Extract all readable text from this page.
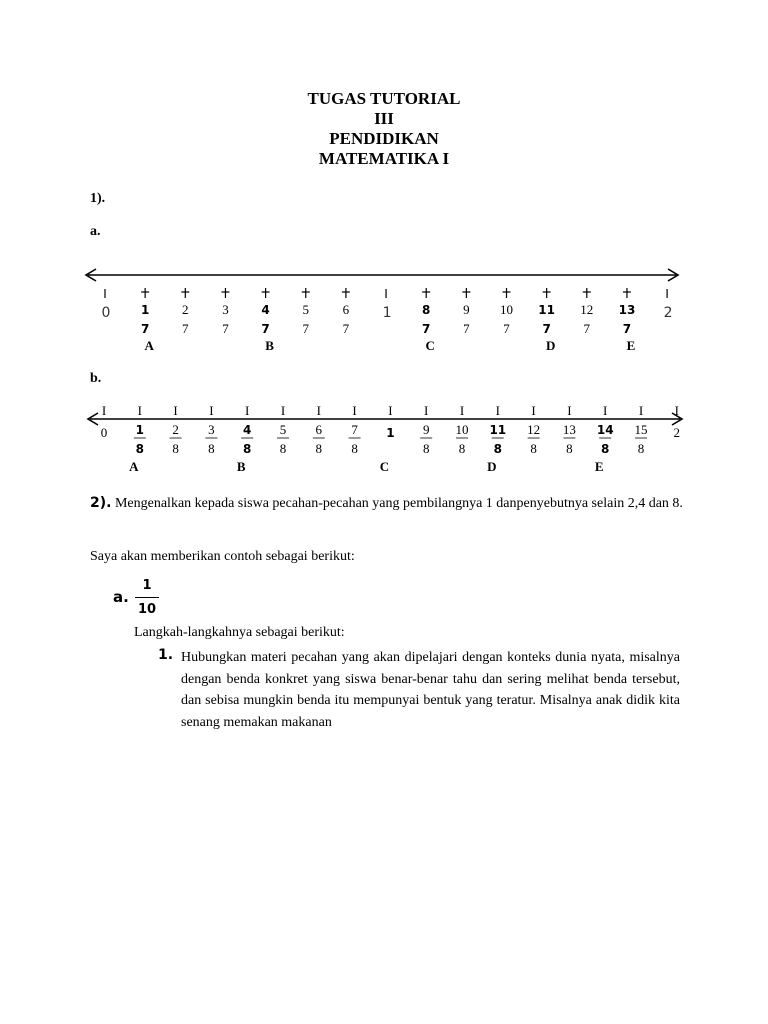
TUGAS TUTORIAL
III
PENDIDIKAN
MATEMATIKA I
1).
a.
0	1
7
A
2
7
3
7
4
7
B
5
7
6
7
1	8
7
C
9
7
10
7
11
7
D
12
7
13
7
E
2
b.
I
0
I
1
8
A
I
2
8
I
3
8
I
4
8
B
I
5
8
I
6
8
I
7
8
I
1
C
I
9
8
I
10
8
I
11
8
D
I
12
8
I
13
8
I
14
8
E
I
15
8
I
2
2). Mengenalkan kepada siswa pecahan-pecahan yang pembilangnya 1 danpenyebutnya selain 2,4 dan 8.
Saya akan memberikan contoh sebagai berikut:
a.
1
10
Langkah-langkahnya sebagai berikut:
1. Hubungkan materi pecahan yang akan dipelajari dengan konteks dunia nyata, misalnya dengan benda konkret yang siswa benar-benar tahu dan sering melihat benda tersebut, dan sebisa mungkin benda itu mempunyai bentuk yang teratur. Misalnya anak didik kita senang memakan makanan
